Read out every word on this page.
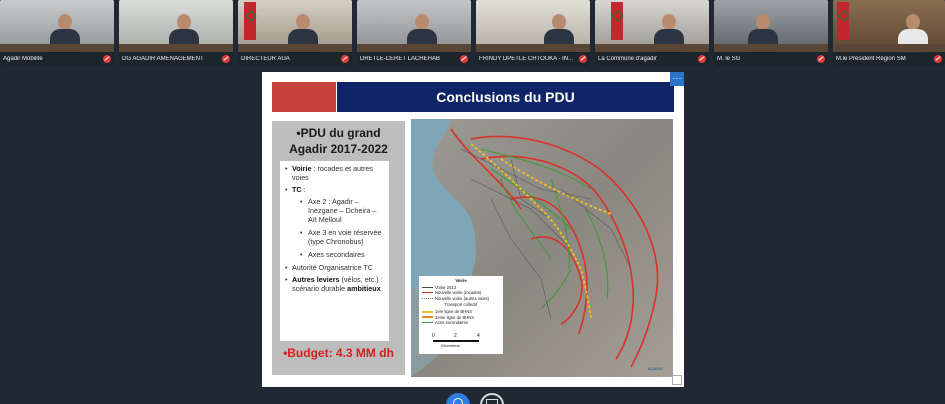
Agadir Mobilité	DG AGADIR AMENAGEMENT	DIRECTEUR AUA	DRETLE-CERET LACHEHAB	FRINDY DPETLE CHTOUKA - IN...	La Commune d'agadir	M. le SG	M.le Président Région SM
Conclusions du PDU
···
•PDU du grand
Agadir 2017-2022
• Voirie : rocades et autres voies
• TC :
• Axe 2 : Agadir – Inezgane – Dcheira – Aït Melloul
• Axe 3 en voie réservée (type Chronobus)
• Axes secondaires
• Autorité Organisatrice TC
• Autres leviers (vélos, etc.) : scénario durable ambitieux
•Budget: 4.3 MM dh
Voirie
Voirie 2013
Nouvelle voirie (rocades)
Nouvelle voirie (autres voies)
Transport collectif
1ère ligne de BHNS
2ème ligne de BHNS
Axes secondaires
0	2	4
Kilometers
AGADIR
